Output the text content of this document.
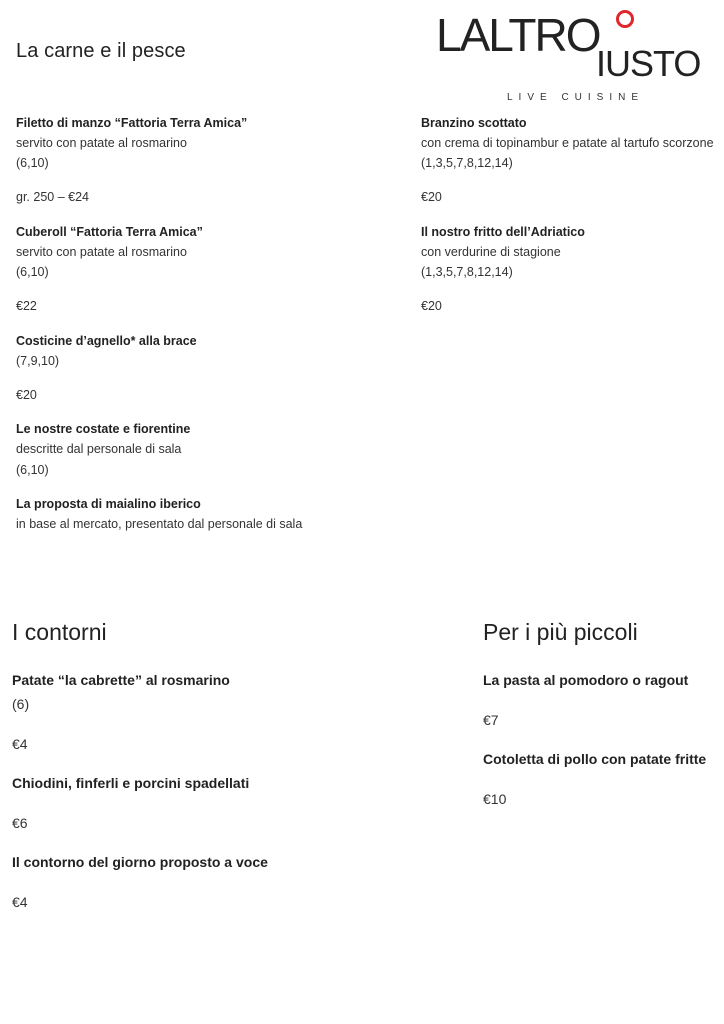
LALTRO
IUSTO
LIVE CUISINE
La carne e il pesce
Filetto di manzo “Fattoria Terra Amica”
servito con patate al rosmarino
(6,10)
gr. 250 – €24
Cuberoll “Fattoria Terra Amica”
servito con patate al rosmarino
(6,10)
€22
Costicine d’agnello* alla brace
(7,9,10)
€20
Le nostre costate e fiorentine
descritte dal personale di sala
(6,10)
La proposta di maialino iberico
in base al mercato, presentato dal personale di sala
Branzino scottato
con crema di topinambur e patate al tartufo scorzone
(1,3,5,7,8,12,14)
€20
Il nostro fritto dell’Adriatico
con verdurine di stagione
(1,3,5,7,8,12,14)
€20
I contorni
Patate “la cabrette” al rosmarino
(6)
€4
Chiodini, finferli e porcini spadellati
€6
Il contorno del giorno proposto a voce
€4
Per i più piccoli
La pasta al pomodoro o ragout
€7
Cotoletta di pollo con patate fritte
€10
